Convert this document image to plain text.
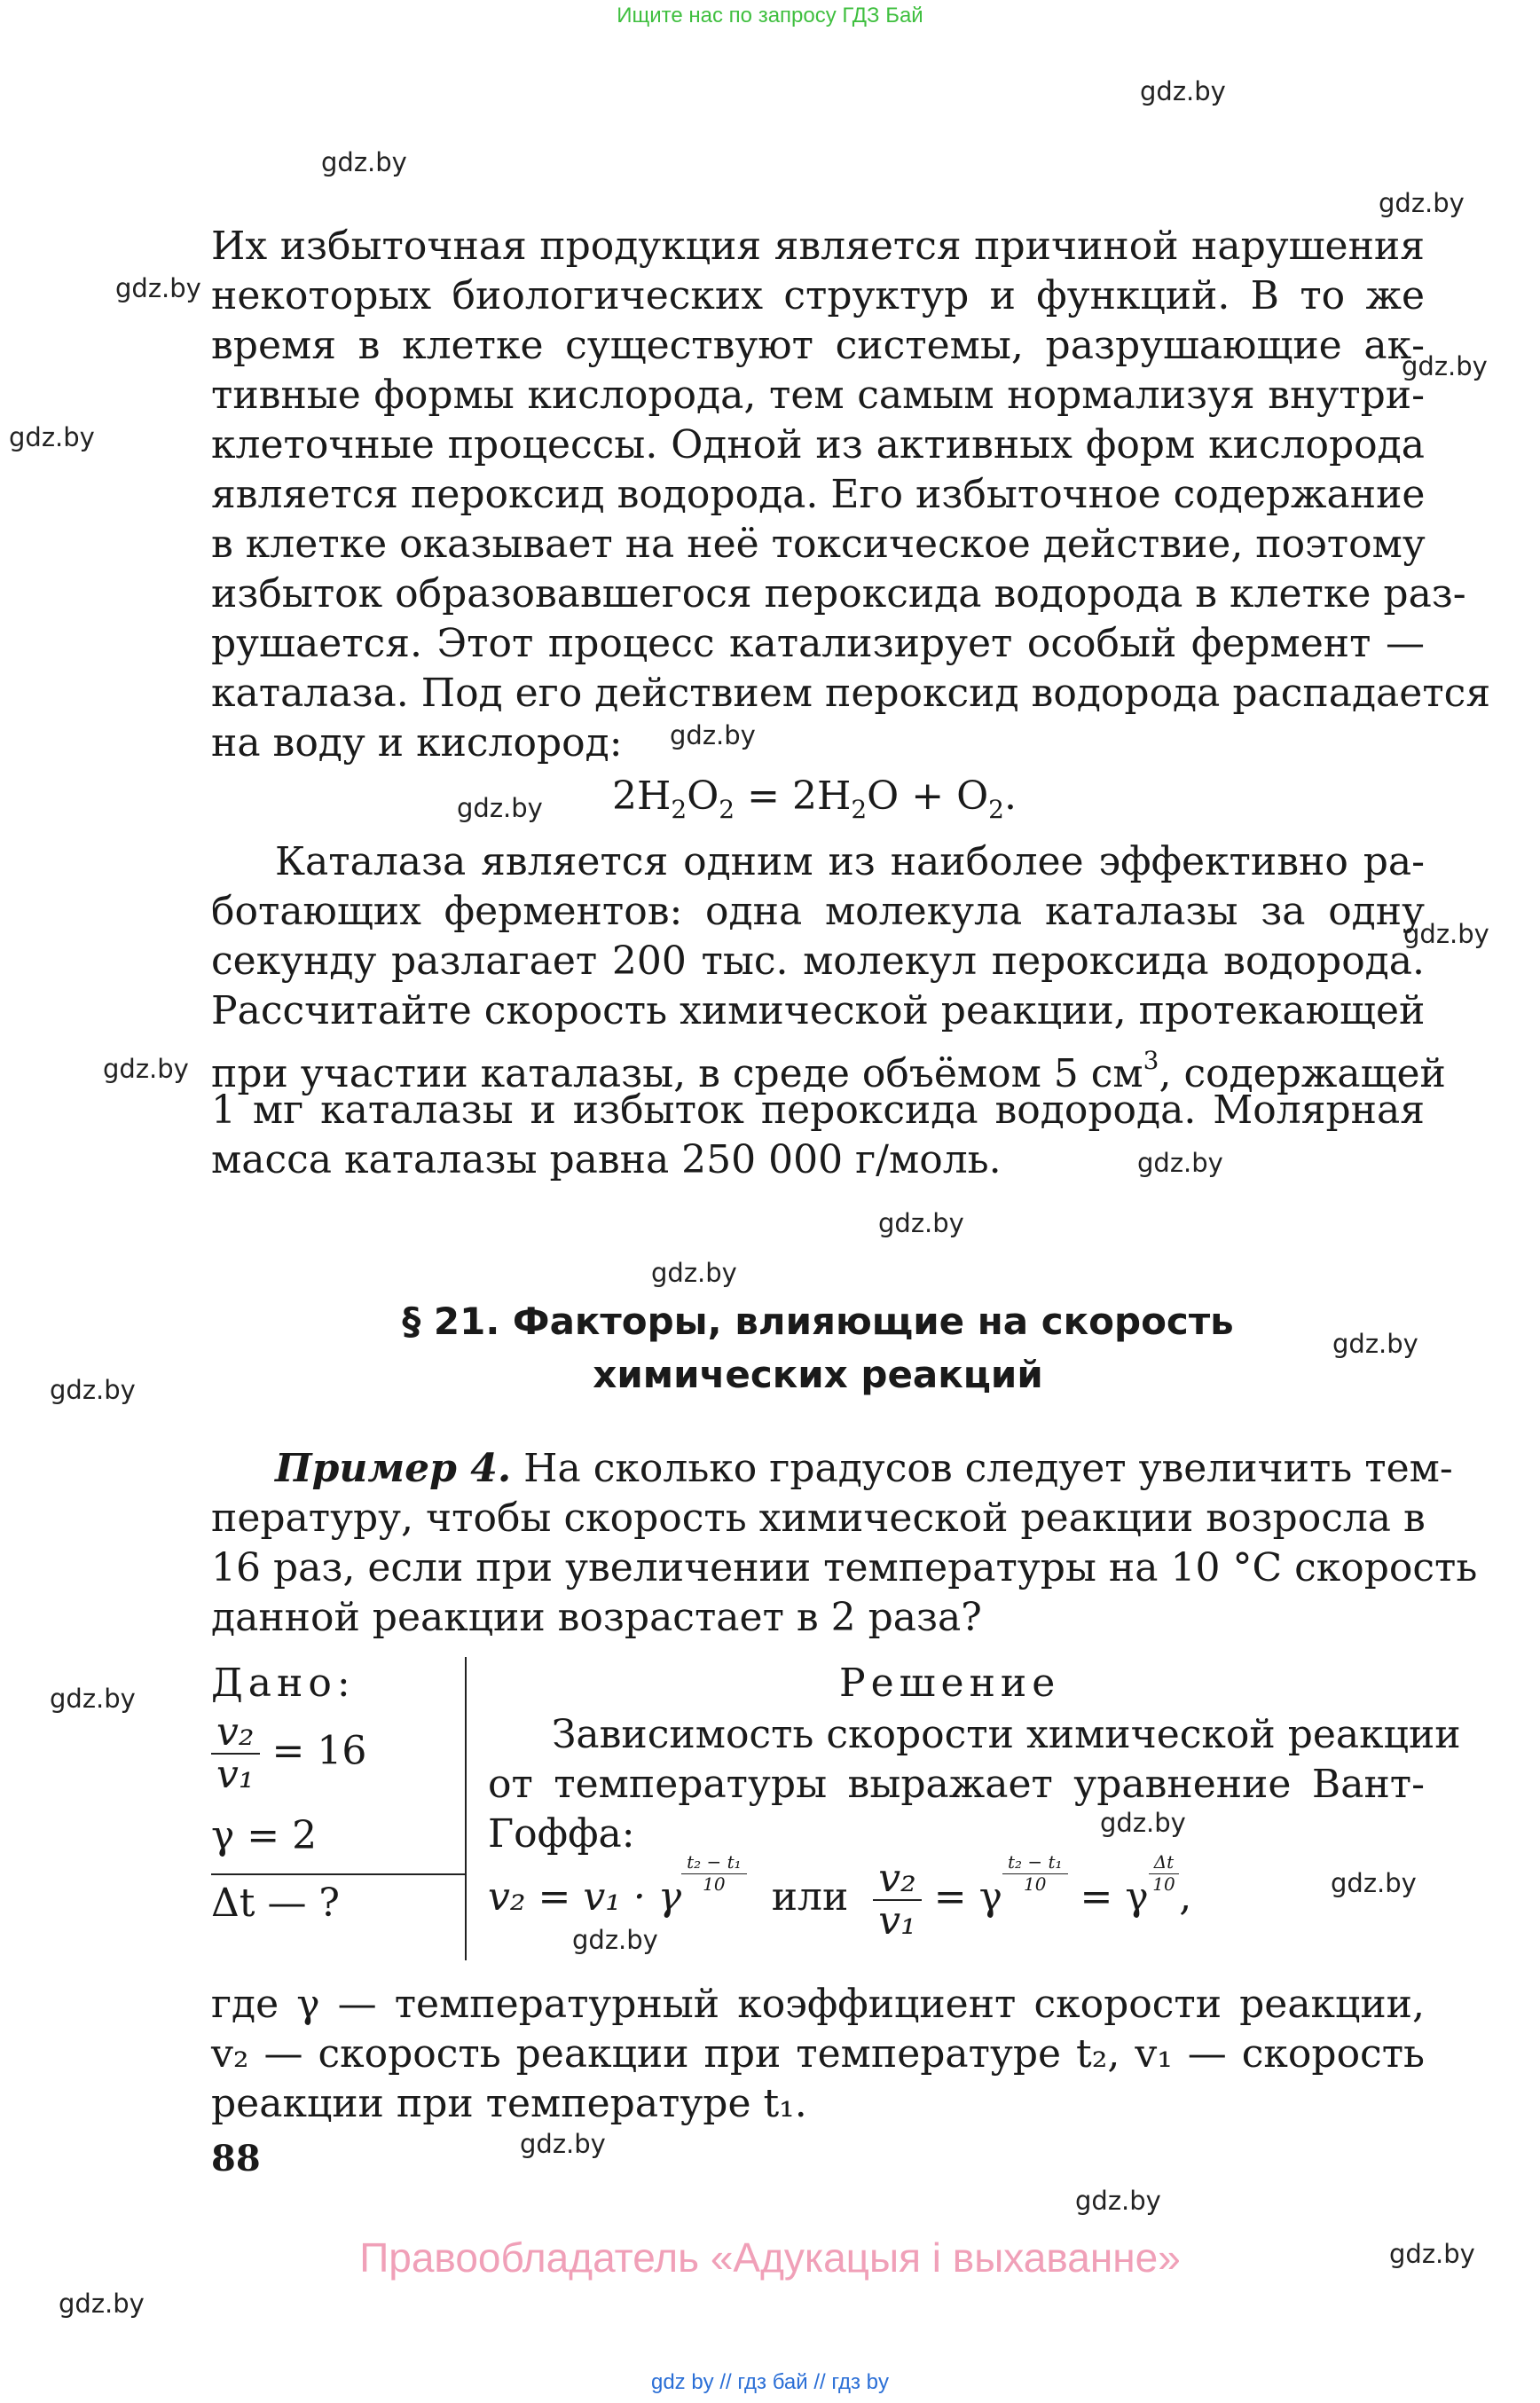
Ищите нас по запросу ГДЗ Бай
gdz.by
gdz.by
gdz.by
gdz.by
gdz.by
gdz.by
gdz.by
gdz.by
gdz.by
gdz.by
gdz.by
gdz.by
gdz.by
gdz.by
gdz.by
gdz.by
gdz.by
gdz.by
gdz.by
gdz.by
gdz.by
gdz.by
gdz.by
Их избыточная продукция является причиной нарушения
некоторых биологических структур и функций. В то же
время в клетке существуют системы, разрушающие ак-
тивные формы кислорода, тем самым нормализуя внутри-
клеточные процессы. Одной из активных форм кислорода
является пероксид водорода. Его избыточное содержание
в клетке оказывает на неё токсическое действие, поэтому
избыток образовавшегося пероксида водорода в клетке раз-
рушается. Этот процесс катализирует особый фермент —
каталаза. Под его действием пероксид водорода распадается
на воду и кислород:
$2H_2O_2 = 2H_2O + O_2$.
Каталаза является одним из наиболее эффективно ра-
ботающих ферментов: одна молекула каталазы за одну
секунду разлагает 200 тыс. молекул пероксида водорода.
Рассчитайте скорость химической реакции, протекающей
при участии каталазы, в среде объёмом 5 $см^3$, содержащей
1 мг каталазы и избыток пероксида водорода. Молярная
масса каталазы равна 250 000 г/моль.
§ 21. Факторы, влияющие на скорость
химических реакций
Пример 4. На сколько градусов следует увеличить тем-
пературу, чтобы скорость химической реакции возросла в
16 раз, если при увеличении температуры на 10 °С скорость
данной реакции возрастает в 2 раза?
Дано:
$\frac{\text{v₂}}{\text{v₁}} = 16$
γ = 2
Δt — ?
Решение
Зависимость скорости химической реакции
от температуры выражает уравнение Вант-
Гоффа:
v₂ = v₁ · γ
$\frac{\text{t₂ − t₁}}{10}$
или $\frac{\text{v₂}}{\text{v₁}} = \gamma$
$\frac{\text{t₂ − t₁}}{10}$
= γ
$\frac{\Delta t}{10}$
,
где γ — температурный коэффициент скорости реакции,
v₂ — скорость реакции при температуре t₂, v₁ — скорость
реакции при температуре t₁.
88
Правообладатель «Адукацыя і выхаванне»
gdz by // гдз бай // гдз by
